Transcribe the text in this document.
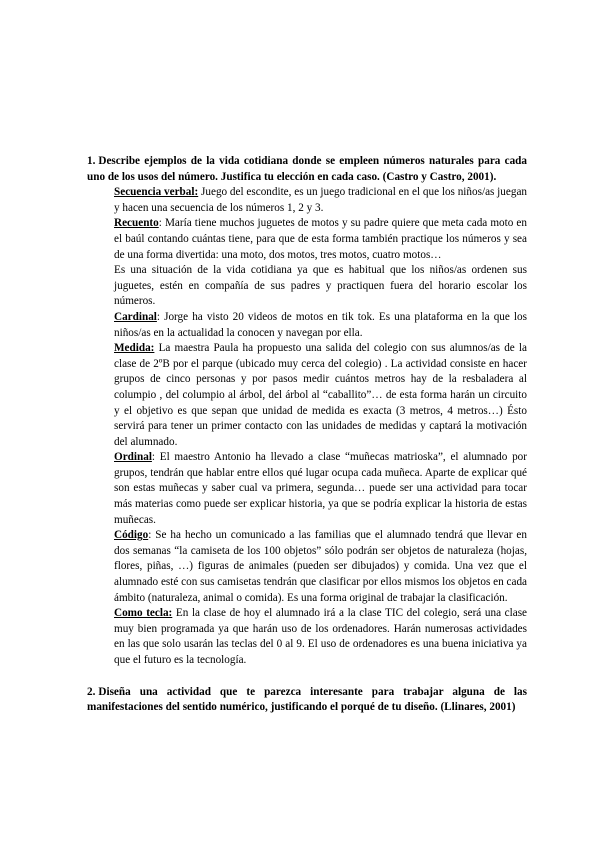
1. Describe ejemplos de la vida cotidiana donde se empleen números naturales para cada uno de los usos del número. Justifica tu elección en cada caso. (Castro y Castro, 2001).

Secuencia verbal: Juego del escondite, es un juego tradicional en el que los niños/as juegan y hacen una secuencia de los números 1, 2 y 3.
Recuento: María tiene muchos juguetes de motos y su padre quiere que meta cada moto en el baúl contando cuántas tiene, para que de esta forma también practique los números y sea de una forma divertida: una moto, dos motos, tres motos, cuatro motos…
Es una situación de la vida cotidiana ya que es habitual que los niños/as ordenen sus juguetes, estén en compañía de sus padres y practiquen fuera del horario escolar los números.
Cardinal: Jorge ha visto 20 videos de motos en tik tok. Es una plataforma en la que los niños/as en la actualidad la conocen y navegan por ella.
Medida: La maestra Paula ha propuesto una salida del colegio con sus alumnos/as de la clase de 2ºB por el parque (ubicado muy cerca del colegio) . La actividad consiste en hacer grupos de cinco personas y por pasos medir cuántos metros hay de la resbaladera al columpio , del columpio al árbol, del árbol al “caballito”… de esta forma harán un circuito y el objetivo es que sepan que unidad de medida es exacta (3 metros, 4 metros…) Ésto servirá para tener un primer contacto con las unidades de medidas y captará la motivación del alumnado.
Ordinal: El maestro Antonio ha llevado a clase “muñecas matrioska”, el alumnado por grupos, tendrán que hablar entre ellos qué lugar ocupa cada muñeca. Aparte de explicar qué son estas muñecas y saber cual va primera, segunda… puede ser una actividad para tocar más materias como puede ser explicar historia, ya que se podría explicar la historia de estas muñecas.
Código: Se ha hecho un comunicado a las familias que el alumnado tendrá que llevar en dos semanas “la camiseta de los 100 objetos” sólo podrán ser objetos de naturaleza (hojas, flores, piñas, …) figuras de animales (pueden ser dibujados) y comida. Una vez que el alumnado esté con sus camisetas tendrán que clasificar por ellos mismos los objetos en cada ámbito (naturaleza, animal o comida). Es una forma original de trabajar la clasificación.
Como tecla: En la clase de hoy el alumnado irá a la clase TIC del colegio, será una clase muy bien programada ya que harán uso de los ordenadores. Harán numerosas actividades en las que solo usarán las teclas del 0 al 9. El uso de ordenadores es una buena iniciativa ya que el futuro es la tecnología.

2. Diseña una actividad que te parezca interesante para trabajar alguna de las manifestaciones del sentido numérico, justificando el porqué de tu diseño. (Llinares, 2001)
